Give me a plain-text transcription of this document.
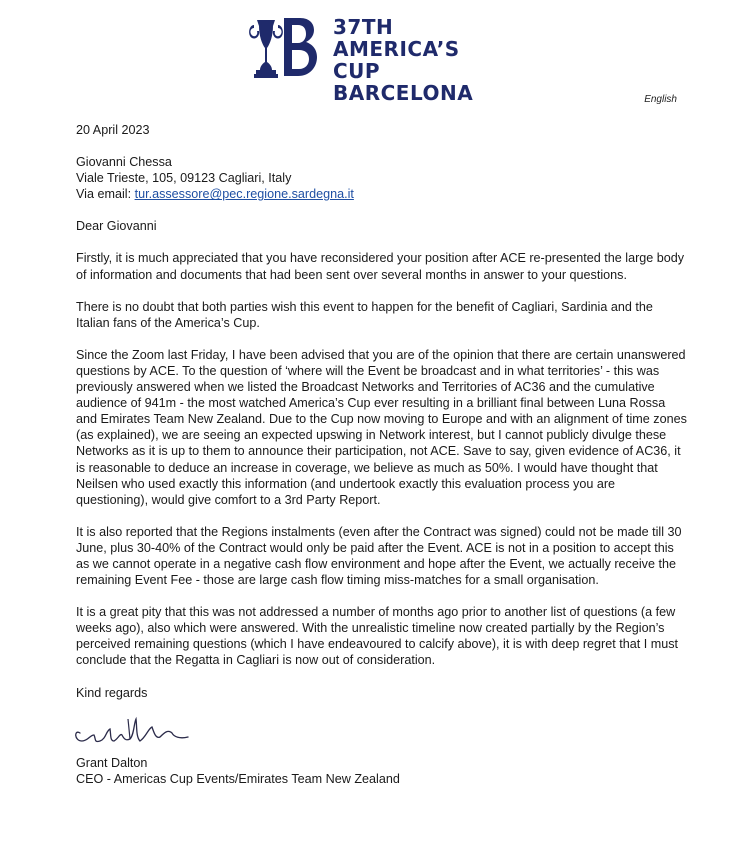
37TH
AMERICA’S CUP
BARCELONA	English

20 April 2023

Giovanni Chessa

Viale Trieste, 105, 09123 Cagliari, Italy

Via email: tur.assessore@pec.regione.sardegna.it

Dear Giovanni

Firstly, it is much appreciated that you have reconsidered your position after ACE re-presented the large body of information and documents that had been sent over several months in answer to your questions.

There is no doubt that both parties wish this event to happen for the benefit of Cagliari, Sardinia and the Italian fans of the America’s Cup.

Since the Zoom last Friday, I have been advised that you are of the opinion that there are certain unanswered questions by ACE. To the question of ‘where will the Event be broadcast and in what territories’ - this was previously answered when we listed the Broadcast Networks and Territories of AC36 and the cumulative audience of 941m - the most watched America’s Cup ever resulting in a brilliant final between Luna Rossa and Emirates Team New Zealand. Due to the Cup now moving to Europe and with an alignment of time zones (as explained), we are seeing an expected upswing in Network interest, but I cannot publicly divulge these Networks as it is up to them to announce their participation, not ACE. Save to say, given evidence of AC36, it is reasonable to deduce an increase in coverage, we believe as much as 50%. I would have thought that Neilsen who used exactly this information (and undertook exactly this evaluation process you are questioning), would give comfort to a 3rd Party Report.

It is also reported that the Regions instalments (even after the Contract was signed) could not be made till 30 June, plus 30-40% of the Contract would only be paid after the Event. ACE is not in a position to accept this as we cannot operate in a negative cash flow environment and hope after the Event, we actually receive the remaining Event Fee - those are large cash flow timing miss-matches for a small organisation.

It is a great pity that this was not addressed a number of months ago prior to another list of questions (a few weeks ago), also which were answered. With the unrealistic timeline now created partially by the Region’s perceived remaining questions (which I have endeavoured to calcify above), it is with deep regret that I must conclude that the Regatta in Cagliari is now out of consideration.

Kind regards

Grant Dalton

CEO - Americas Cup Events/Emirates Team New Zealand
